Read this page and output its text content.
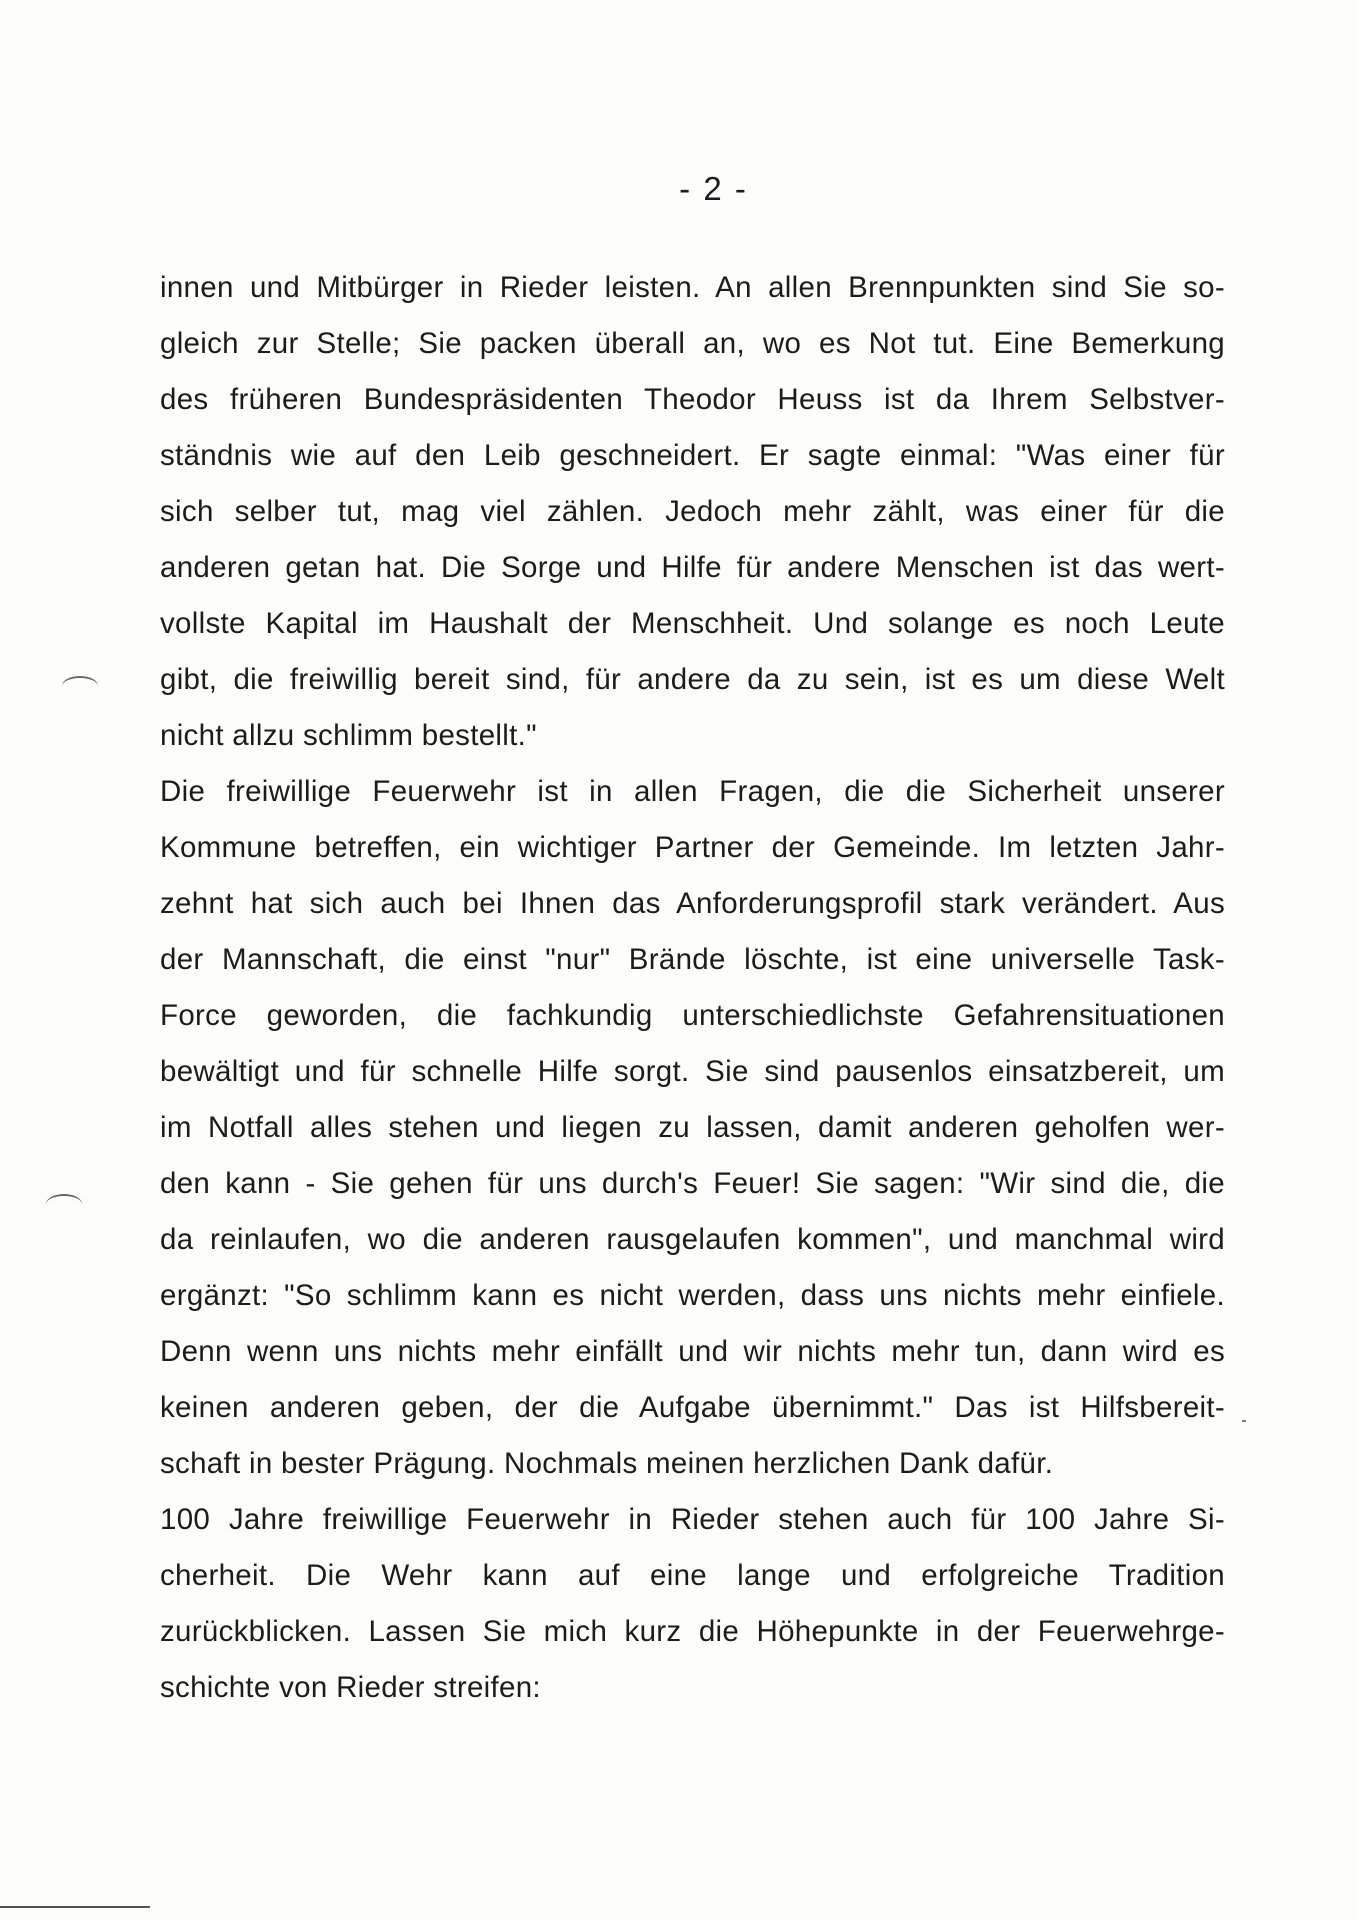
- 2 -
innen und Mitbürger in Rieder leisten. An allen Brennpunkten sind Sie so-
gleich zur Stelle; Sie packen überall an, wo es Not tut. Eine Bemerkung
des früheren Bundespräsidenten Theodor Heuss ist da Ihrem Selbstver-
ständnis wie auf den Leib geschneidert. Er sagte einmal: "Was einer für
sich selber tut, mag viel zählen. Jedoch mehr zählt, was einer für die
anderen getan hat. Die Sorge und Hilfe für andere Menschen ist das wert-
vollste Kapital im Haushalt der Menschheit. Und solange es noch Leute
gibt, die freiwillig bereit sind, für andere da zu sein, ist es um diese Welt
nicht allzu schlimm bestellt."
Die freiwillige Feuerwehr ist in allen Fragen, die die Sicherheit unserer
Kommune betreffen, ein wichtiger Partner der Gemeinde. Im letzten Jahr-
zehnt hat sich auch bei Ihnen das Anforderungsprofil stark verändert. Aus
der Mannschaft, die einst "nur" Brände löschte, ist eine universelle Task-
Force geworden, die fachkundig unterschiedlichste Gefahrensituationen
bewältigt und für schnelle Hilfe sorgt. Sie sind pausenlos einsatzbereit, um
im Notfall alles stehen und liegen zu lassen, damit anderen geholfen wer-
den kann - Sie gehen für uns durch's Feuer! Sie sagen: "Wir sind die, die
da reinlaufen, wo die anderen rausgelaufen kommen", und manchmal wird
ergänzt: "So schlimm kann es nicht werden, dass uns nichts mehr einfiele.
Denn wenn uns nichts mehr einfällt und wir nichts mehr tun, dann wird es
keinen anderen geben, der die Aufgabe übernimmt." Das ist Hilfsbereit-
schaft in bester Prägung. Nochmals meinen herzlichen Dank dafür.
100 Jahre freiwillige Feuerwehr in Rieder stehen auch für 100 Jahre Si-
cherheit. Die Wehr kann auf eine lange und erfolgreiche Tradition
zurückblicken. Lassen Sie mich kurz die Höhepunkte in der Feuerwehrge-
schichte von Rieder streifen:
